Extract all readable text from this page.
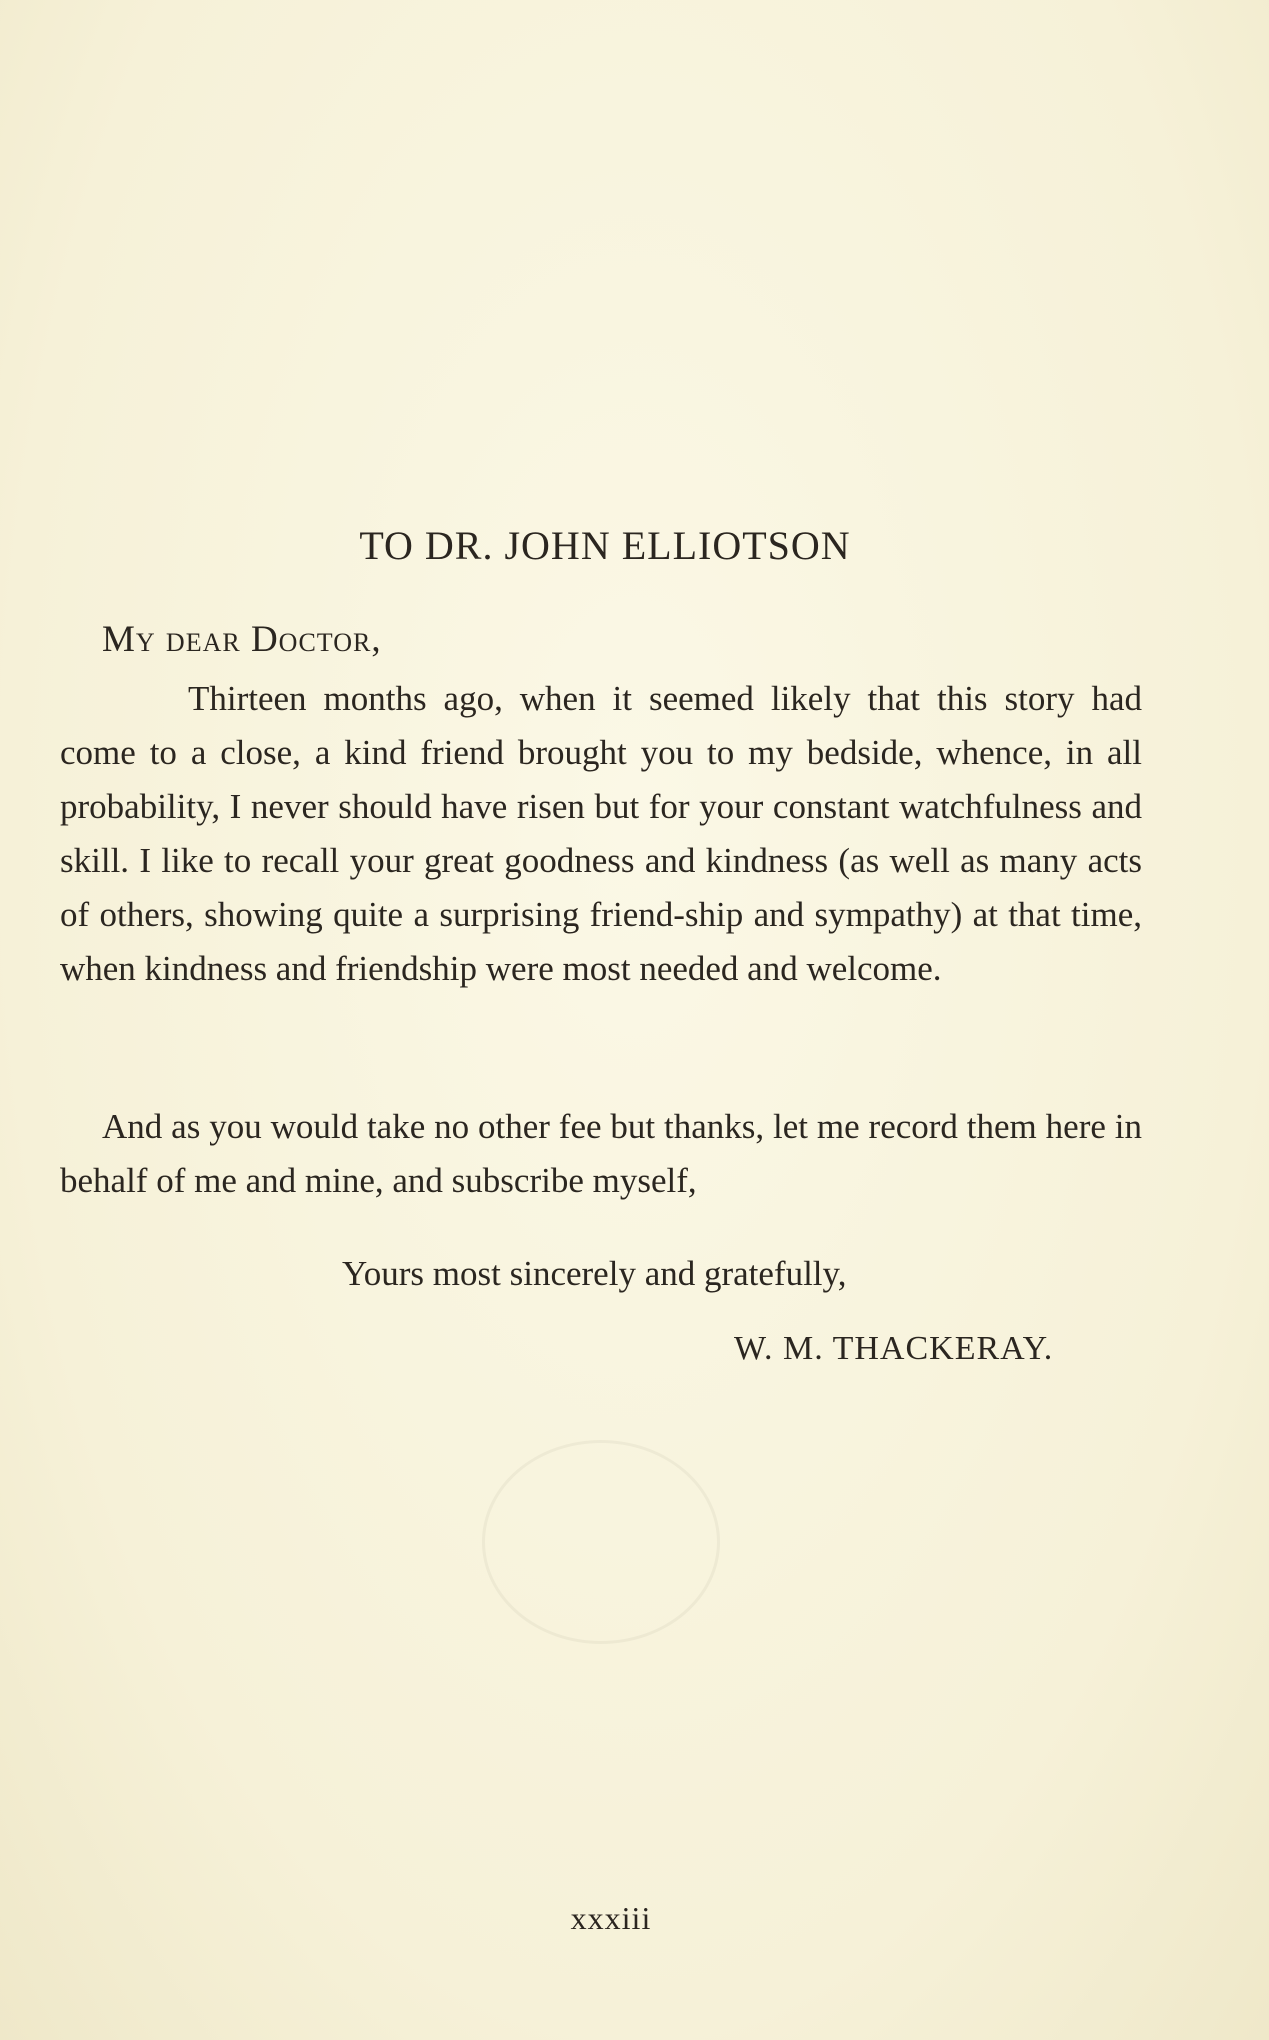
TO DR. JOHN ELLIOTSON
My dear Doctor,

Thirteen months ago, when it seemed likely that this story had come to a close, a kind friend brought you to my bedside, whence, in all probability, I never should have risen but for your constant watchfulness and skill. I like to recall your great goodness and kindness (as well as many acts of others, showing quite a surprising friend-ship and sympathy) at that time, when kindness and friendship were most needed and welcome.

And as you would take no other fee but thanks, let me record them here in behalf of me and mine, and subscribe myself,

Yours most sincerely and gratefully,
W. M. THACKERAY.
xxxiii
